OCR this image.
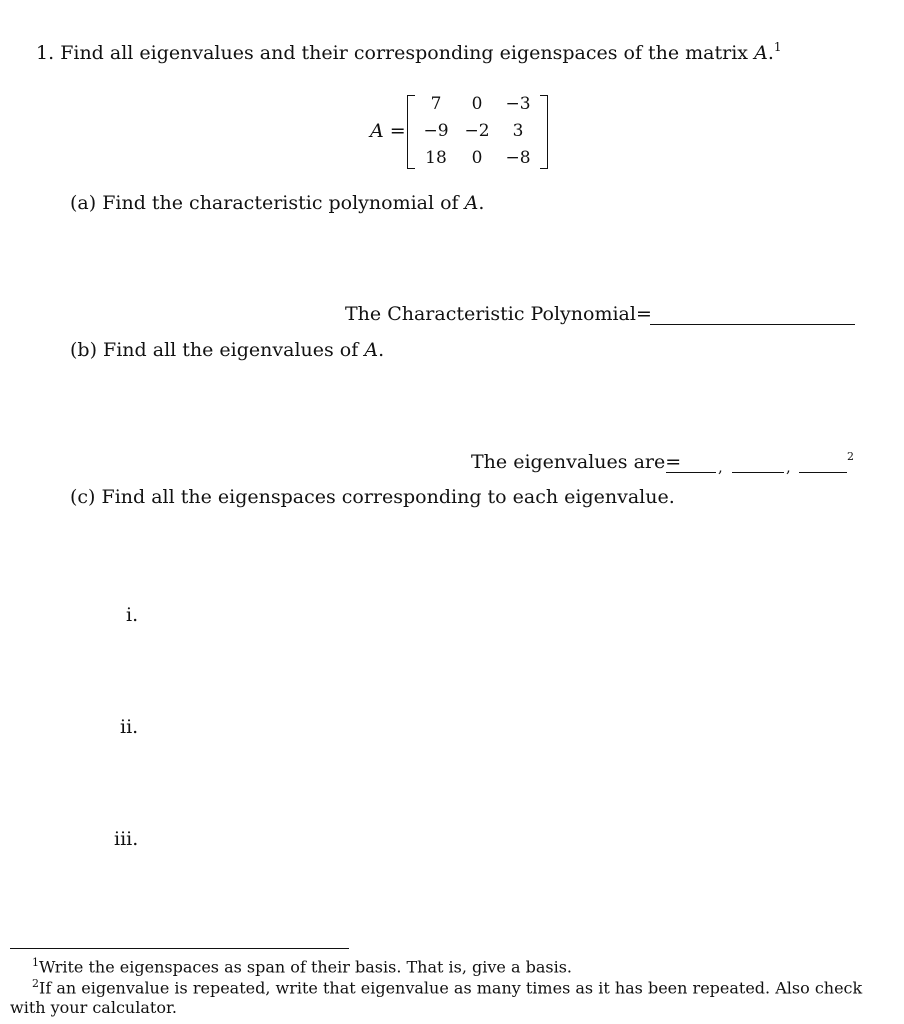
1. Find all eigenvalues and their corresponding eigenspaces of the matrix A.$^1$
A =
7	0	−3
−9 −2	3
18	0	−8
(a) Find the characteristic polynomial of A.
The Characteristic Polynomial=
(b) Find all the eigenvalues of A.
The eigenvalues are= ,	,
2
(c) Find all the eigenspaces corresponding to each eigenvalue.
i.
ii.
iii.
$^1$Write the eigenspaces as span of their basis. That is, give a basis.
$^2$If an eigenvalue is repeated, write that eigenvalue as many times as it has been repeated. Also check
with your calculator.
